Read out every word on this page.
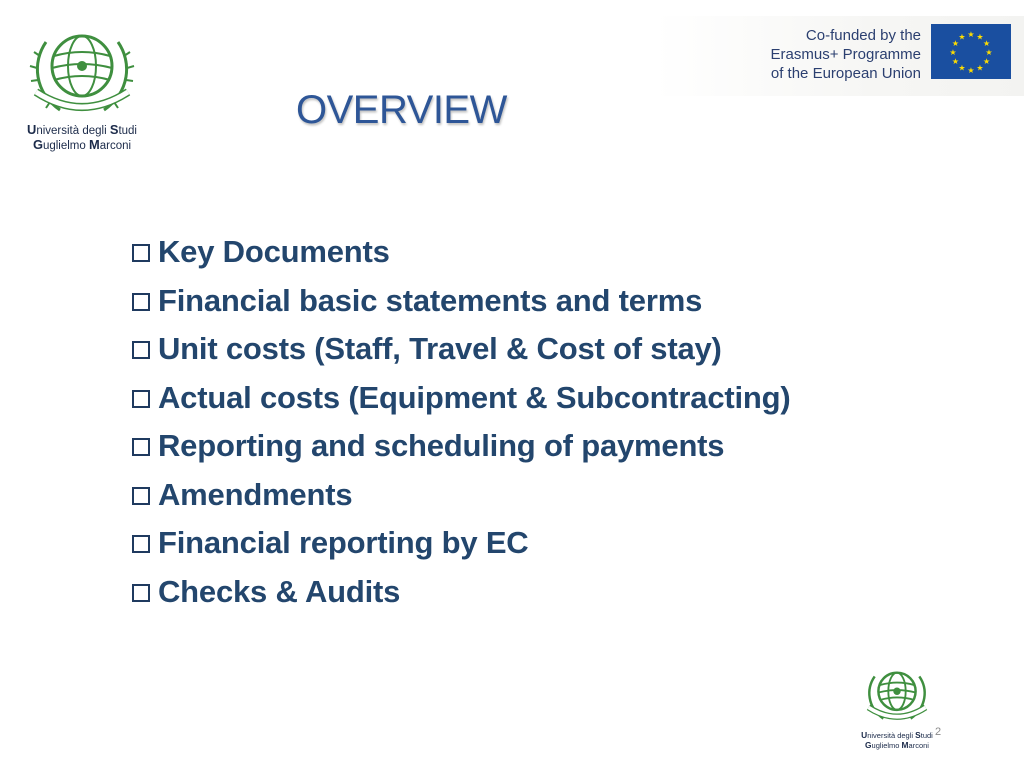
Università degli Studi
Guglielmo Marconi
Co-funded by the
Erasmus+ Programme
of the European Union
★ ★
★
★
★
★
★
★
★
★
★
★
OVERVIEW
Key Documents
Financial basic statements and terms
Unit costs (Staff, Travel & Cost of stay)
Actual costs (Equipment & Subcontracting)
Reporting and scheduling of payments
Amendments
Financial reporting by EC
Checks & Audits
Università degli Studi
Guglielmo Marconi
2
